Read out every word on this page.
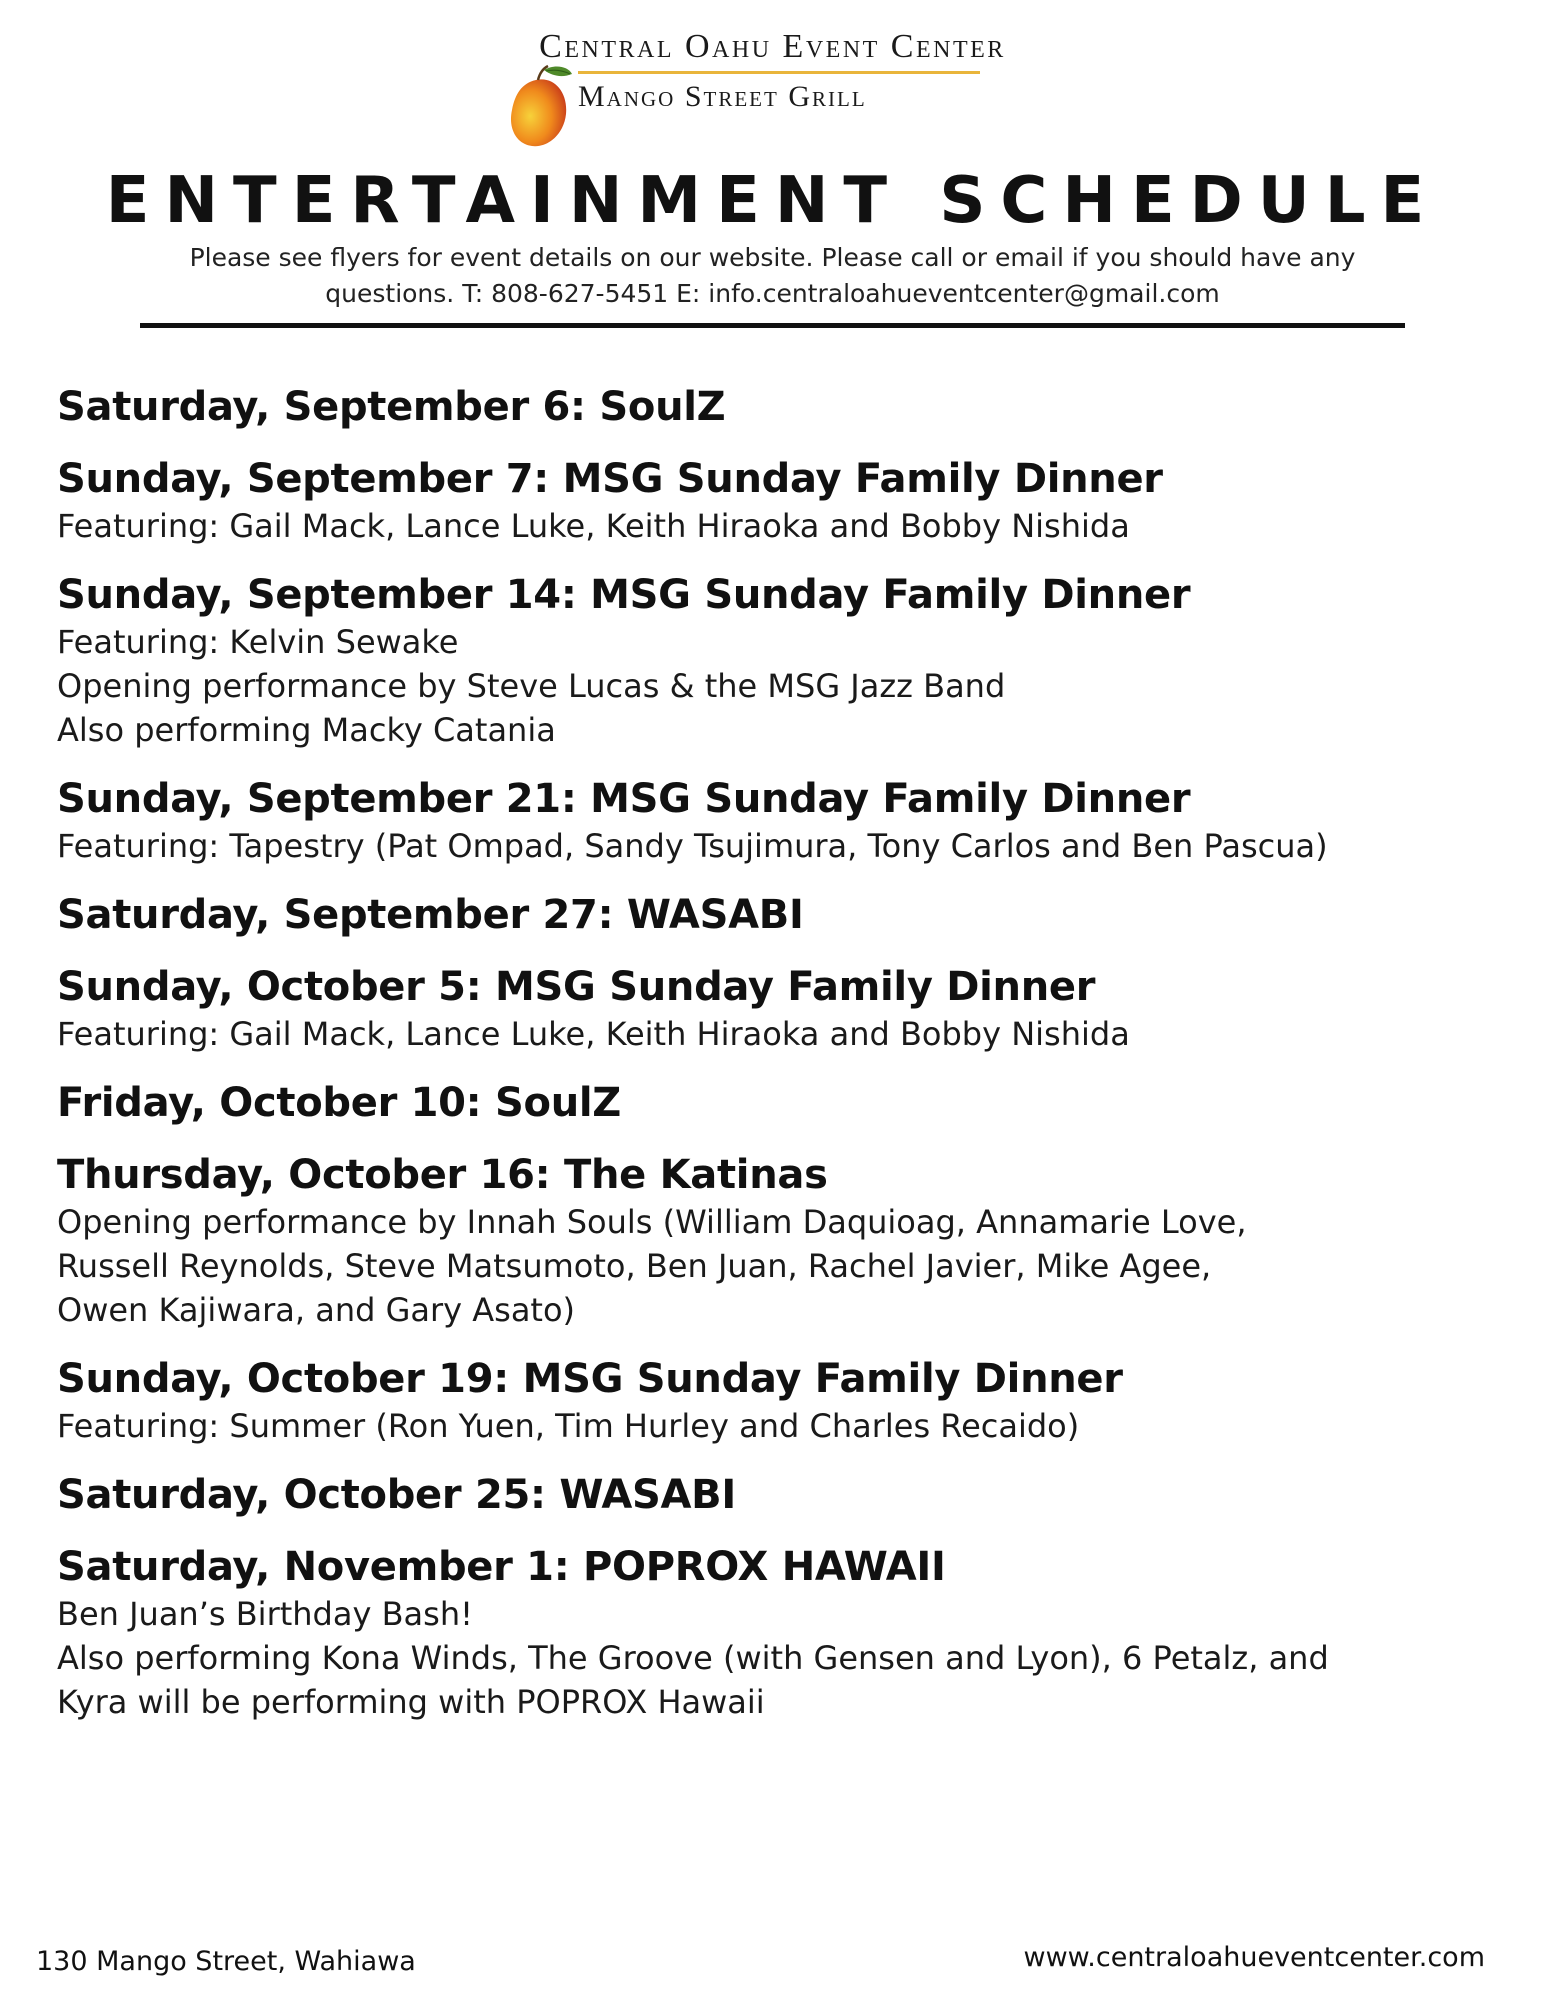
Central Oahu Event Center
Mango Street Grill
ENTERTAINMENT SCHEDULE
Please see flyers for event details on our website. Please call or email if you should have any
questions. T: 808-627-5451 E: info.centraloahueventcenter@gmail.com
Saturday, September 6: SoulZ
Sunday, September 7: MSG Sunday Family Dinner
Featuring: Gail Mack, Lance Luke, Keith Hiraoka and Bobby Nishida
Sunday, September 14: MSG Sunday Family Dinner
Featuring: Kelvin Sewake
Opening performance by Steve Lucas & the MSG Jazz Band
Also performing Macky Catania
Sunday, September 21: MSG Sunday Family Dinner
Featuring: Tapestry (Pat Ompad, Sandy Tsujimura, Tony Carlos and Ben Pascua)
Saturday, September 27: WASABI
Sunday, October 5: MSG Sunday Family Dinner
Featuring: Gail Mack, Lance Luke, Keith Hiraoka and Bobby Nishida
Friday, October 10: SoulZ
Thursday, October 16: The Katinas
Opening performance by Innah Souls (William Daquioag, Annamarie Love,
Russell Reynolds, Steve Matsumoto, Ben Juan, Rachel Javier, Mike Agee,
Owen Kajiwara, and Gary Asato)
Sunday, October 19: MSG Sunday Family Dinner
Featuring: Summer (Ron Yuen, Tim Hurley and Charles Recaido)
Saturday, October 25: WASABI
Saturday, November 1: POPROX HAWAII
Ben Juan’s Birthday Bash!
Also performing Kona Winds, The Groove (with Gensen and Lyon), 6 Petalz, and
Kyra will be performing with POPROX Hawaii
130 Mango Street, Wahiawa	www.centraloahueventcenter.com
